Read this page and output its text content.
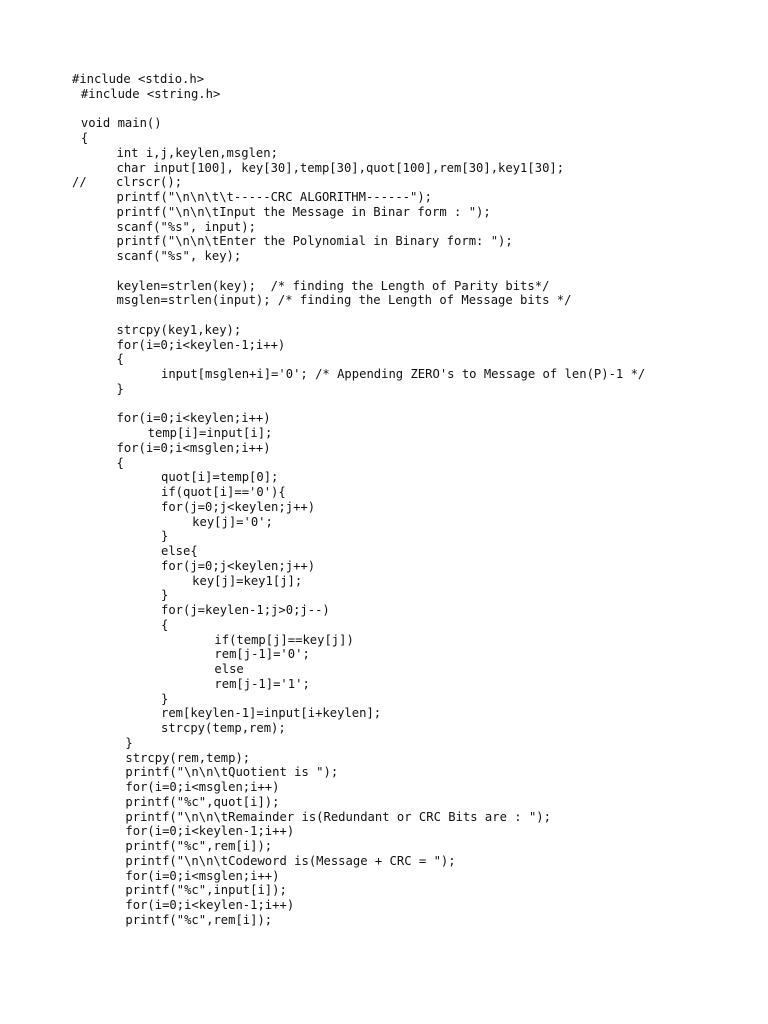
#include <stdio.h>
#include <string.h>
void main()
{
int i,j,keylen,msglen;
char input[100], key[30],temp[30],quot[100],rem[30],key1[30];
//    clrscr();
printf("\n\n\t\t-----CRC ALGORITHM------");
printf("\n\n\tInput the Message in Binar form : ");
scanf("%s", input);
printf("\n\n\tEnter the Polynomial in Binary form: ");
scanf("%s", key);
keylen=strlen(key);  /* finding the Length of Parity bits*/
msglen=strlen(input); /* finding the Length of Message bits */
strcpy(key1,key);
for(i=0;i<keylen-1;i++)
{
input[msglen+i]='0'; /* Appending ZERO's to Message of len(P)-1 */
}
for(i=0;i<keylen;i++)
temp[i]=input[i];
for(i=0;i<msglen;i++)
{
quot[i]=temp[0];
if(quot[i]=='0'){
for(j=0;j<keylen;j++)
key[j]='0';
}
else{
for(j=0;j<keylen;j++)
key[j]=key1[j];
}
for(j=keylen-1;j>0;j--)
{
if(temp[j]==key[j])
rem[j-1]='0';
else
rem[j-1]='1';
}
rem[keylen-1]=input[i+keylen];
strcpy(temp,rem);
}
strcpy(rem,temp);
printf("\n\n\tQuotient is ");
for(i=0;i<msglen;i++)
printf("%c",quot[i]);
printf("\n\n\tRemainder is(Redundant or CRC Bits are : ");
for(i=0;i<keylen-1;i++)
printf("%c",rem[i]);
printf("\n\n\tCodeword is(Message + CRC = ");
for(i=0;i<msglen;i++)
printf("%c",input[i]);
for(i=0;i<keylen-1;i++)
printf("%c",rem[i]);
